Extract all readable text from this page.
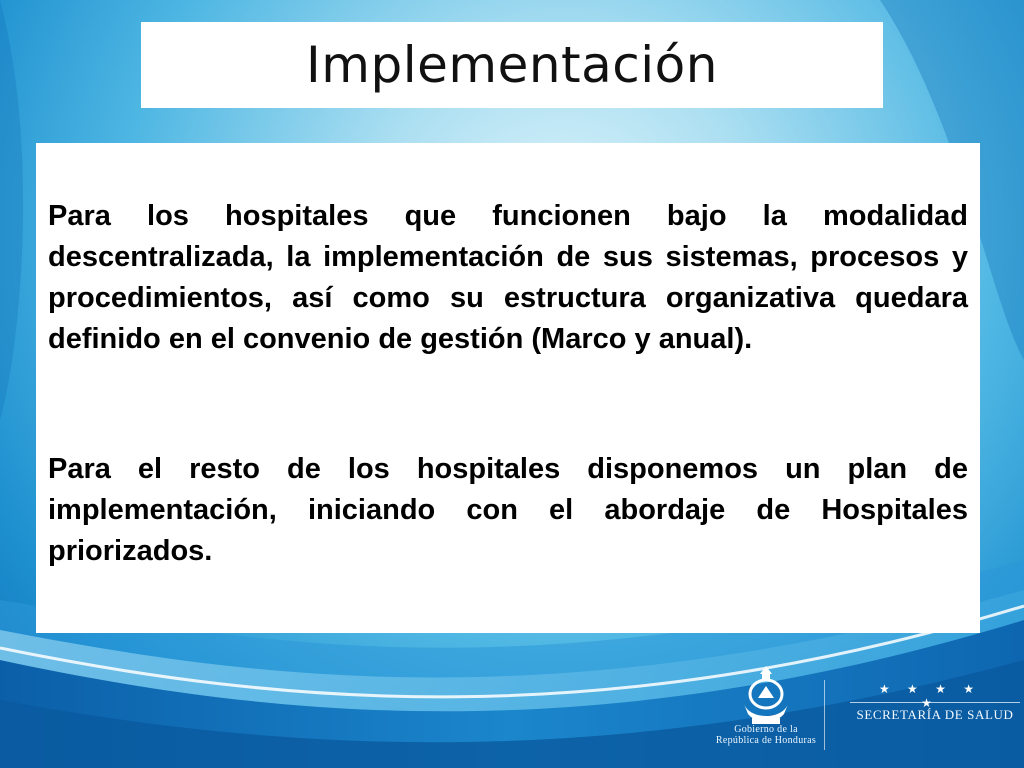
Implementación

Para los hospitales que funcionen bajo la modalidad descentralizada, la implementación de sus sistemas, procesos y procedimientos, así como su estructura organizativa quedara definido en el convenio de gestión (Marco y anual).

Para el resto de los hospitales disponemos un plan de implementación, iniciando con el abordaje de Hospitales priorizados.

Gobierno de la
República de Honduras
★ ★ ★ ★ ★
SECRETARÍA DE SALUD
